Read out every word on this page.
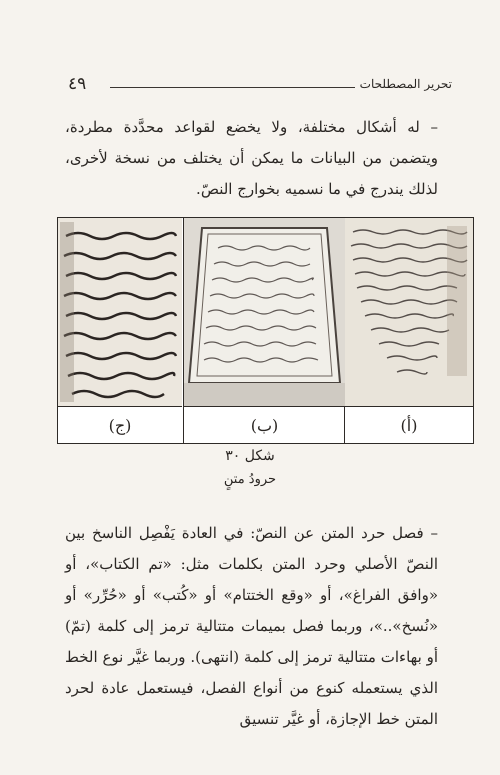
٤٩	تحرير المصطلحات

– له أشكال مختلفة، ولا يخضع لقواعد محدَّدة مطردة، ويتضمن من البيانات ما يمكن أن يختلف من نسخة لأخرى، لذلك يندرج في ما نسميه بخوارج النصّ.

(أ)
(ب)
(ج)
شكل ٣٠
حرودُ متنٍ

– فصل حرد المتن عن النصّ: في العادة يَفْصِل الناسخ بين النصّ الأصلي وحرد المتن بكلمات مثل: «تم الكتاب»، أو «وافق الفراغ»، أو «وقع الختتام» أو «كُتب» أو «حُرِّر» أو «نُسخ»..»، وربما فصل بميمات متتالية ترمز إلى كلمة (تمّ) أو بهاءات متتالية ترمز إلى كلمة (انتهى). وربما غيَّر نوع الخط الذي يستعمله كنوع من أنواع الفصل، فيستعمل عادة لحرد المتن خط الإجازة، أو غيَّر تنسيق
